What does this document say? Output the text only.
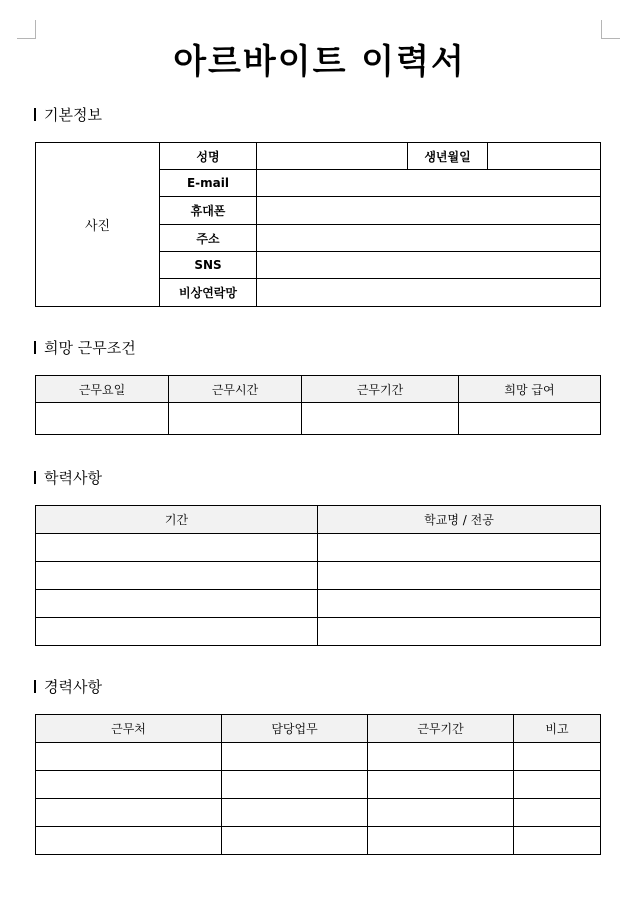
아르바이트 이력서
기본정보
사진	성명		생년월일	
	E-mail			
	휴대폰			
	주소			
	SNS			
	비상연락망			
희망 근무조건
근무요일	근무시간	근무기간	희망 급여

학력사항
기간	학교명 / 전공

경력사항
근무처	담당업무	근무기간	비고
